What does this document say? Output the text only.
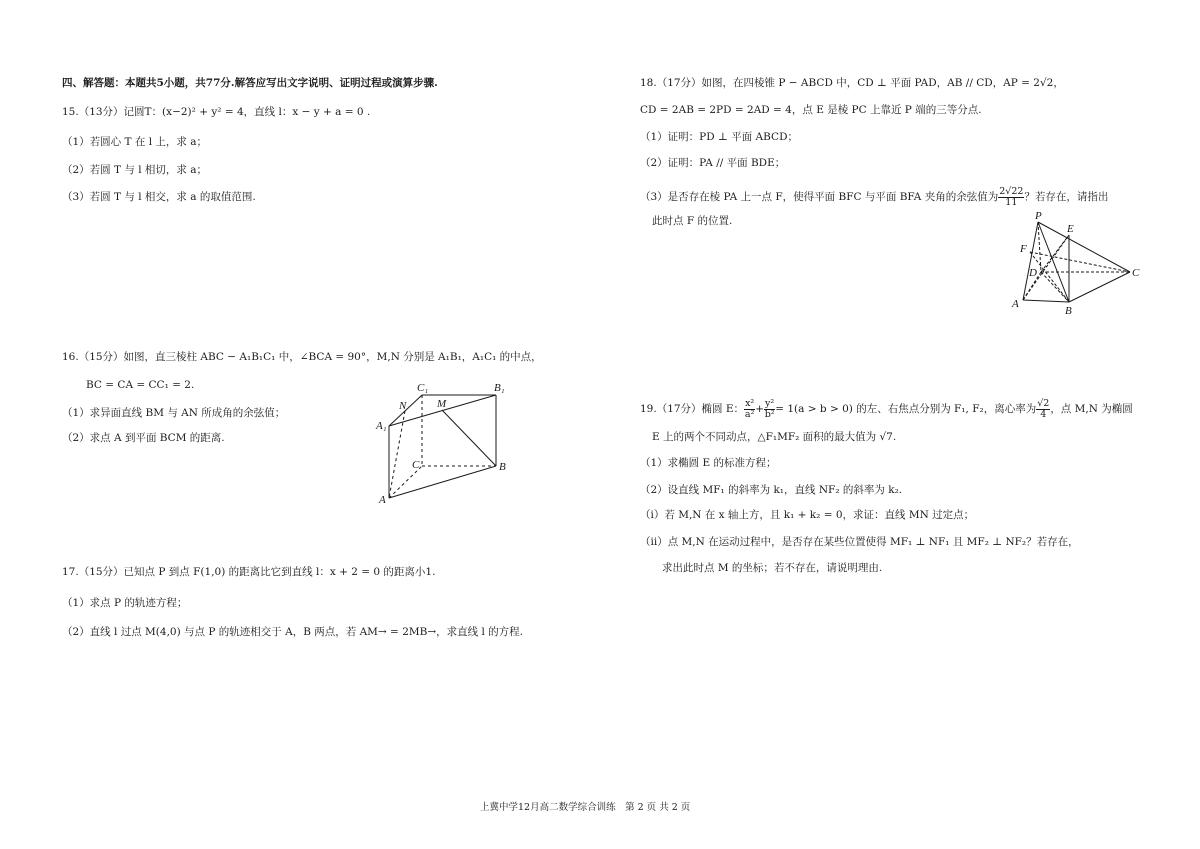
四、解答题：本题共5小题，共77分.解答应写出文字说明、证明过程或演算步骤.
15.（13分）记圆T：(x−2)² + y² = 4，直线 l：x − y + a = 0 .
（1）若圆心 T 在 l 上，求 a；
（2）若圆 T 与 l 相切，求 a；
（3）若圆 T 与 l 相交，求 a 的取值范围.
16.（15分）如图，直三棱柱 ABC − A₁B₁C₁ 中，∠BCA = 90°，M,N 分别是 A₁B₁，A₁C₁ 的中点，
BC = CA = CC₁ = 2.
（1）求异面直线 BM 与 AN 所成角的余弦值；
（2）求点 A 到平面 BCM 的距离.
C₁	B₁
N	M
A₁
C	B
A
17.（15分）已知点 P 到点 F(1,0) 的距离比它到直线 l：x + 2 = 0 的距离小1.
（1）求点 P 的轨迹方程；
（2）直线 l 过点 M(4,0) 与点 P 的轨迹相交于 A，B 两点，若 AM→ = 2MB→，求直线 l 的方程.
18.（17分）如图，在四棱锥 P − ABCD 中，CD ⊥ 平面 PAD，AB // CD，AP = 2√2，
CD = 2AB = 2PD = 2AD = 4，点 E 是棱 PC 上靠近 P 端的三等分点.
（1）证明：PD ⊥ 平面 ABCD；
（2）证明：PA // 平面 BDE；
（3）是否存在棱 PA 上一点 F，使得平面 BFC 与平面 BFA 夹角的余弦值为 $\frac{2√22}{11}$ ？若存在，请指出
此时点 F 的位置.	P
E
F
D	C
A
B
19.（17分）椭圆 E： $\frac{\text{x²}}{\text{a²}} + \frac{\text{y²}}{\text{b²}} = 1(a > b > 0)$ 的左、右焦点分别为 F₁, F₂，离心率为 $\frac{√2}{4}$ ，点 M,N 为椭圆
E 上的两个不同动点，△F₁MF₂ 面积的最大值为 √7.
（1）求椭圆 E 的标准方程；
（2）设直线 MF₁ 的斜率为 k₁，直线 NF₂ 的斜率为 k₂.
（i）若 M,N 在 x 轴上方，且 k₁ + k₂ = 0，求证：直线 MN 过定点；
（ii）点 M,N 在运动过程中，是否存在某些位置使得 MF₁ ⊥ NF₁ 且 MF₂ ⊥ NF₂？若存在，
求出此时点 M 的坐标；若不存在，请说明理由.
上冀中学12月高二数学综合训练　第 2 页 共 2 页
